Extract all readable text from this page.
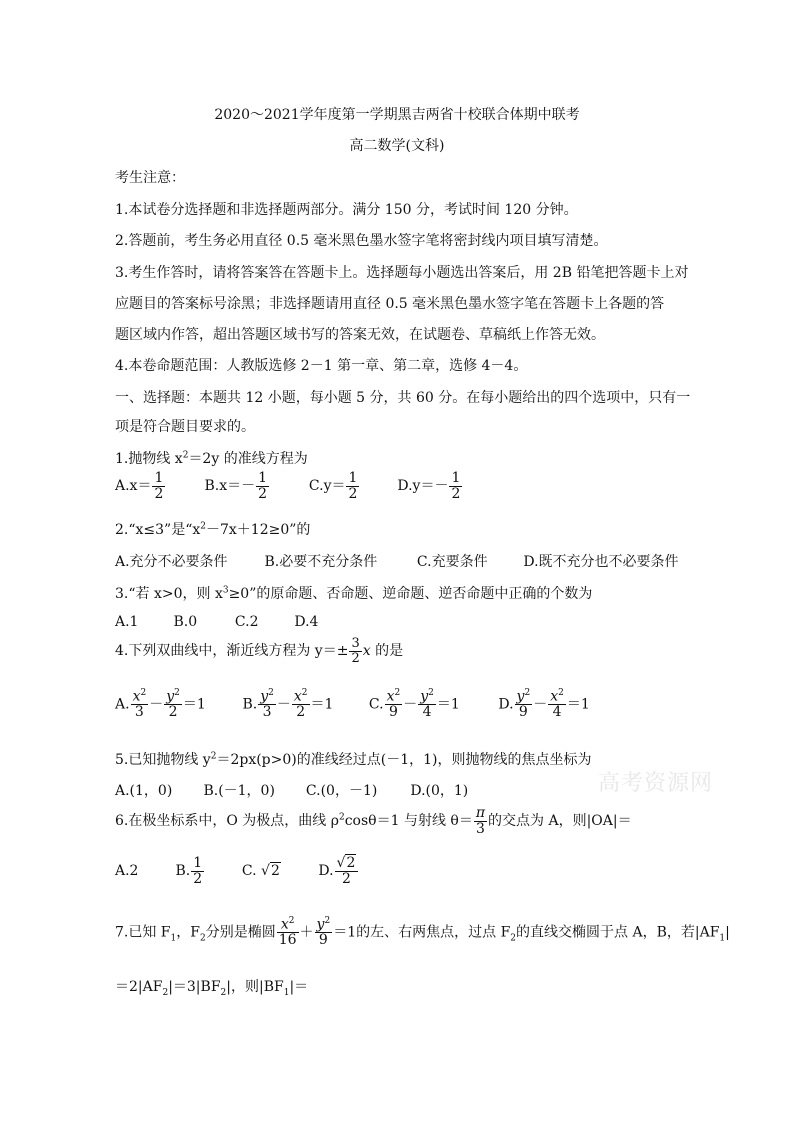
2020～2021学年度第一学期黑吉两省十校联合体期中联考
高二数学(文科)
考生注意：
1.本试卷分选择题和非选择题两部分。满分 150 分，考试时间 120 分钟。
2.答题前，考生务必用直径 0.5 毫米黑色墨水签字笔将密封线内项目填写清楚。
3.考生作答时，请将答案答在答题卡上。选择题每小题选出答案后，用 2B 铅笔把答题卡上对
应题目的答案标号涂黑；非选择题请用直径 0.5 毫米黑色墨水签字笔在答题卡上各题的答
题区域内作答，超出答题区域书写的答案无效，在试题卷、草稿纸上作答无效。
4.本卷命题范围：人教版选修 2－1 第一章、第二章，选修 4－4。
一、选择题：本题共 12 小题，每小题 5 分，共 60 分。在每小题给出的四个选项中，只有一
项是符合题目要求的。
1.抛物线 $x^2=2y$ 的准线方程为
$A.x= \frac{1}{2}$	$B.x=- \frac{1}{2}$	$C.y= \frac{1}{2}$	$D.y=- \frac{1}{2}$
2.“x≤3”是“$x^2-7x+12\ge 0$”的
A.充分不必要条件	B.必要不充分条件	C.充要条件	D.既不充分也不必要条件
3.“若 x>0，则 $x^3\ge 0$”的原命题、否命题、逆命题、逆否命题中正确的个数为
A.1 B.0	C.2	D.4
4.下列双曲线中，渐近线方程为 $y=\pm \frac{3}{2}$ x 的是
A. $\frac{x^2}{3} - \frac{y^2}{2} =1$	B. $\frac{y^2}{3} - \frac{x^2}{2} =1$	C. $\frac{x^2}{9} - \frac{y^2}{4} =1$	D. $\frac{y^2}{9} - \frac{x^2}{4} =1$
5.已知抛物线 $y^2=2px(p>0)$的准线经过点(－1，1)，则抛物线的焦点坐标为
A.(1，0) B.(－1，0) C.(0，－1) D.(0，1)	高考资源网
6.在极坐标系中，O 为极点，曲线 $\rho^2\cos\theta=1$ 与射线 $\theta= \frac{\pi}{3}$ 的交点为 A，则|OA|＝
A.2	B. $\frac{1}{2}$	C. √2	D. $\frac{√2}{2}$
7.已知 $F_1$，$F_2$分别是椭圆 $\frac{x^2}{16} + \frac{y^2}{9} =1$的左、右两焦点，过点 $F_2$的直线交椭圆于点 A，B，若$|AF_1|$
$=2|AF_2|=3|BF_2|$，则$|BF_1|=$
